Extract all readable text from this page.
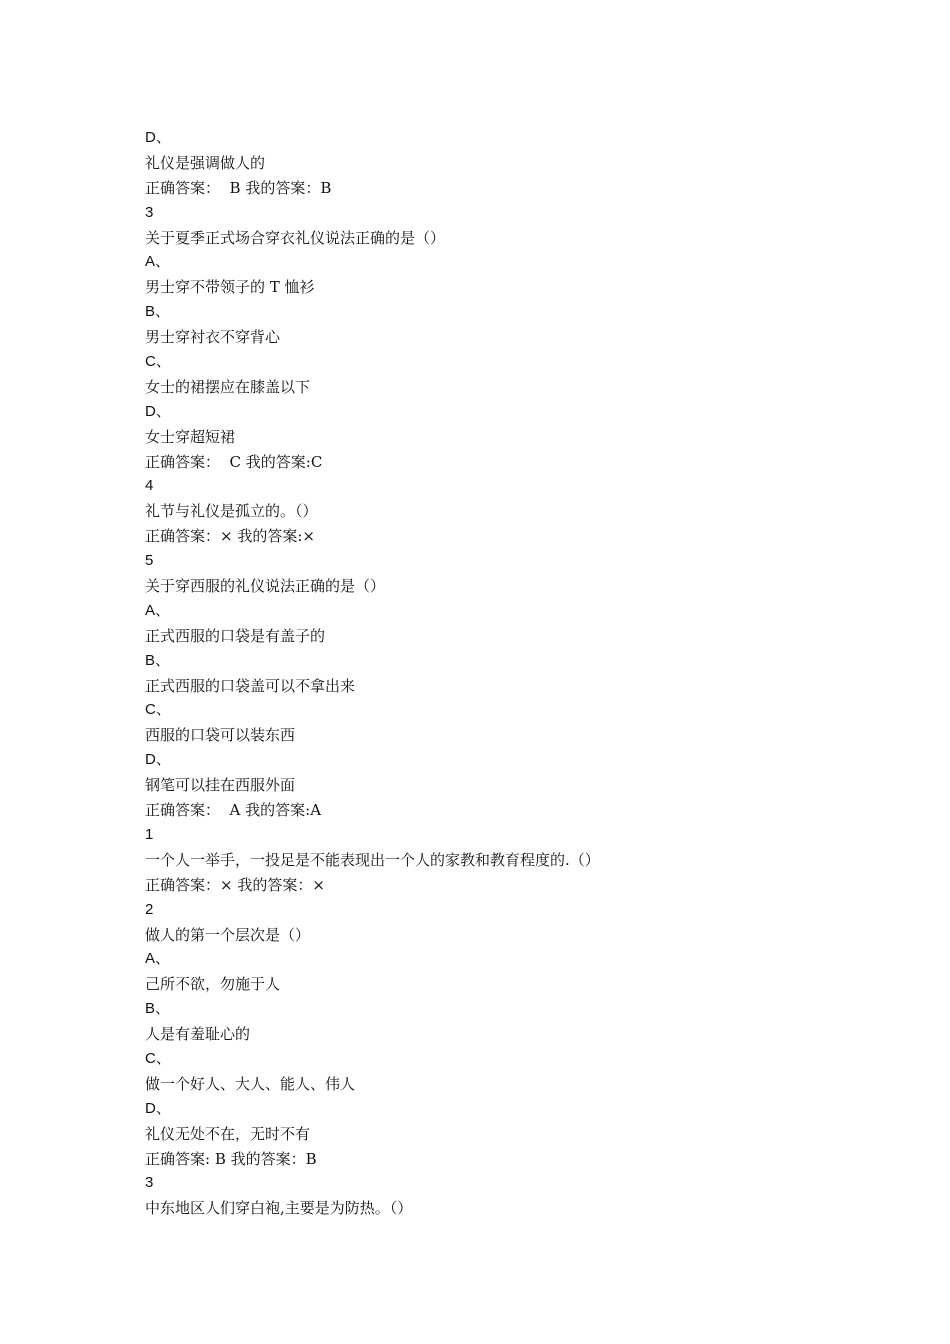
D、
礼仪是强调做人的
正确答案：  B 我的答案：B
3
关于夏季正式场合穿衣礼仪说法正确的是（）
A、
男士穿不带领子的 T 恤衫
B、
男士穿衬衣不穿背心
C、
女士的裙摆应在膝盖以下
D、
女士穿超短裙
正确答案：  C 我的答案:C
4
礼节与礼仪是孤立的。（）
正确答案：× 我的答案:×
5
关于穿西服的礼仪说法正确的是（）
A、
正式西服的口袋是有盖子的
B、
正式西服的口袋盖可以不拿出来
C、
西服的口袋可以装东西
D、
钢笔可以挂在西服外面
正确答案：  A 我的答案:A
1
一个人一举手，一投足是不能表现出一个人的家教和教育程度的.（）
正确答案：× 我的答案：×
2
做人的第一个层次是（）
A、
己所不欲，勿施于人
B、
人是有羞耻心的
C、
做一个好人、大人、能人、伟人
D、
礼仪无处不在，无时不有
正确答案: B 我的答案：B
3
中东地区人们穿白袍,主要是为防热。（）
